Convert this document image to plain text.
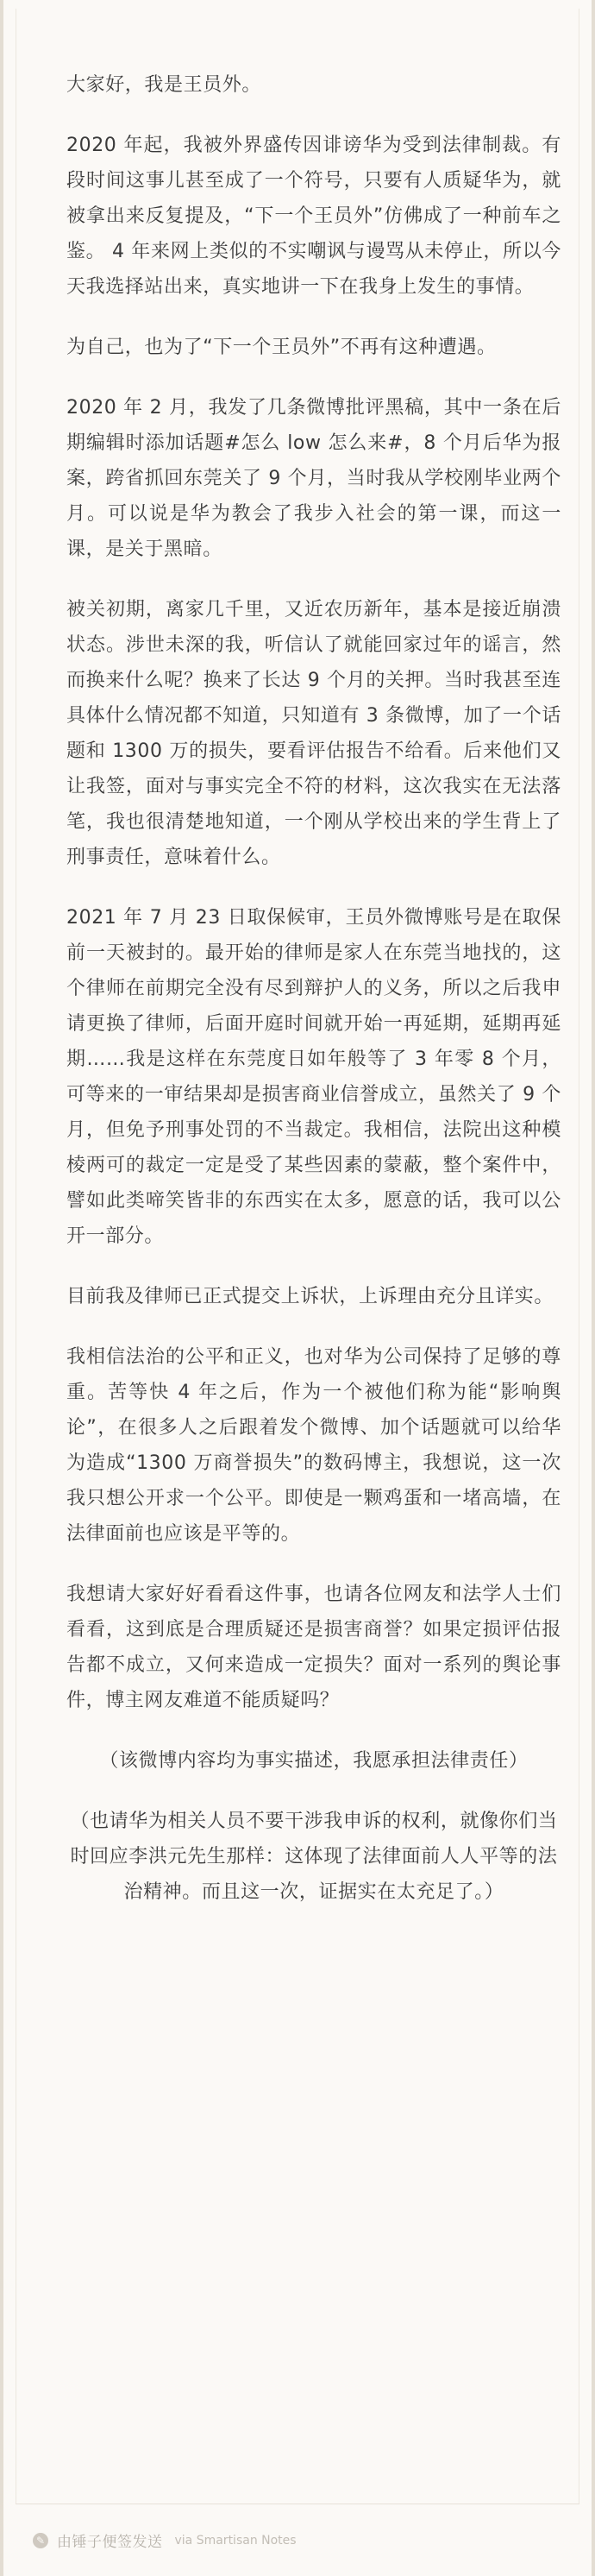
大家好，我是王员外。

2020 年起，我被外界盛传因诽谤华为受到法律制裁。有段时间这事儿甚至成了一个符号，只要有人质疑华为，就被拿出来反复提及，“下一个王员外”仿佛成了一种前车之鉴。 4 年来网上类似的不实嘲讽与谩骂从未停止，所以今天我选择站出来，真实地讲一下在我身上发生的事情。

为自己，也为了“下一个王员外”不再有这种遭遇。

2020 年 2 月，我发了几条微博批评黑稿，其中一条在后期编辑时添加话题#怎么 low 怎么来#，8 个月后华为报案，跨省抓回东莞关了 9 个月，当时我从学校刚毕业两个月。可以说是华为教会了我步入社会的第一课，而这一课，是关于黑暗。

被关初期，离家几千里，又近农历新年，基本是接近崩溃状态。涉世未深的我，听信认了就能回家过年的谣言，然而换来什么呢？换来了长达 9 个月的关押。当时我甚至连具体什么情况都不知道，只知道有 3 条微博，加了一个话题和 1300 万的损失，要看评估报告不给看。后来他们又让我签，面对与事实完全不符的材料，这次我实在无法落笔，我也很清楚地知道，一个刚从学校出来的学生背上了刑事责任，意味着什么。

2021 年 7 月 23 日取保候审，王员外微博账号是在取保前一天被封的。最开始的律师是家人在东莞当地找的，这个律师在前期完全没有尽到辩护人的义务，所以之后我申请更换了律师，后面开庭时间就开始一再延期，延期再延期……我是这样在东莞度日如年般等了 3 年零 8 个月，可等来的一审结果却是损害商业信誉成立，虽然关了 9 个月，但免予刑事处罚的不当裁定。我相信，法院出这种模棱两可的裁定一定是受了某些因素的蒙蔽，整个案件中，譬如此类啼笑皆非的东西实在太多，愿意的话，我可以公开一部分。

目前我及律师已正式提交上诉状，上诉理由充分且详实。

我相信法治的公平和正义，也对华为公司保持了足够的尊重。苦等快 4 年之后，作为一个被他们称为能“影响舆论”，在很多人之后跟着发个微博、加个话题就可以给华为造成“1300 万商誉损失”的数码博主，我想说，这一次我只想公开求一个公平。即使是一颗鸡蛋和一堵高墙，在法律面前也应该是平等的。

我想请大家好好看看这件事，也请各位网友和法学人士们看看，这到底是合理质疑还是损害商誉？如果定损评估报告都不成立，又何来造成一定损失？面对一系列的舆论事件，博主网友难道不能质疑吗？

（该微博内容均为事实描述，我愿承担法律责任）

（也请华为相关人员不要干涉我申诉的权利，就像你们当时回应李洪元先生那样：这体现了法律面前人人平等的法治精神。而且这一次，证据实在太充足了。）

✎ 由锤子便签发送 via Smartisan Notes
